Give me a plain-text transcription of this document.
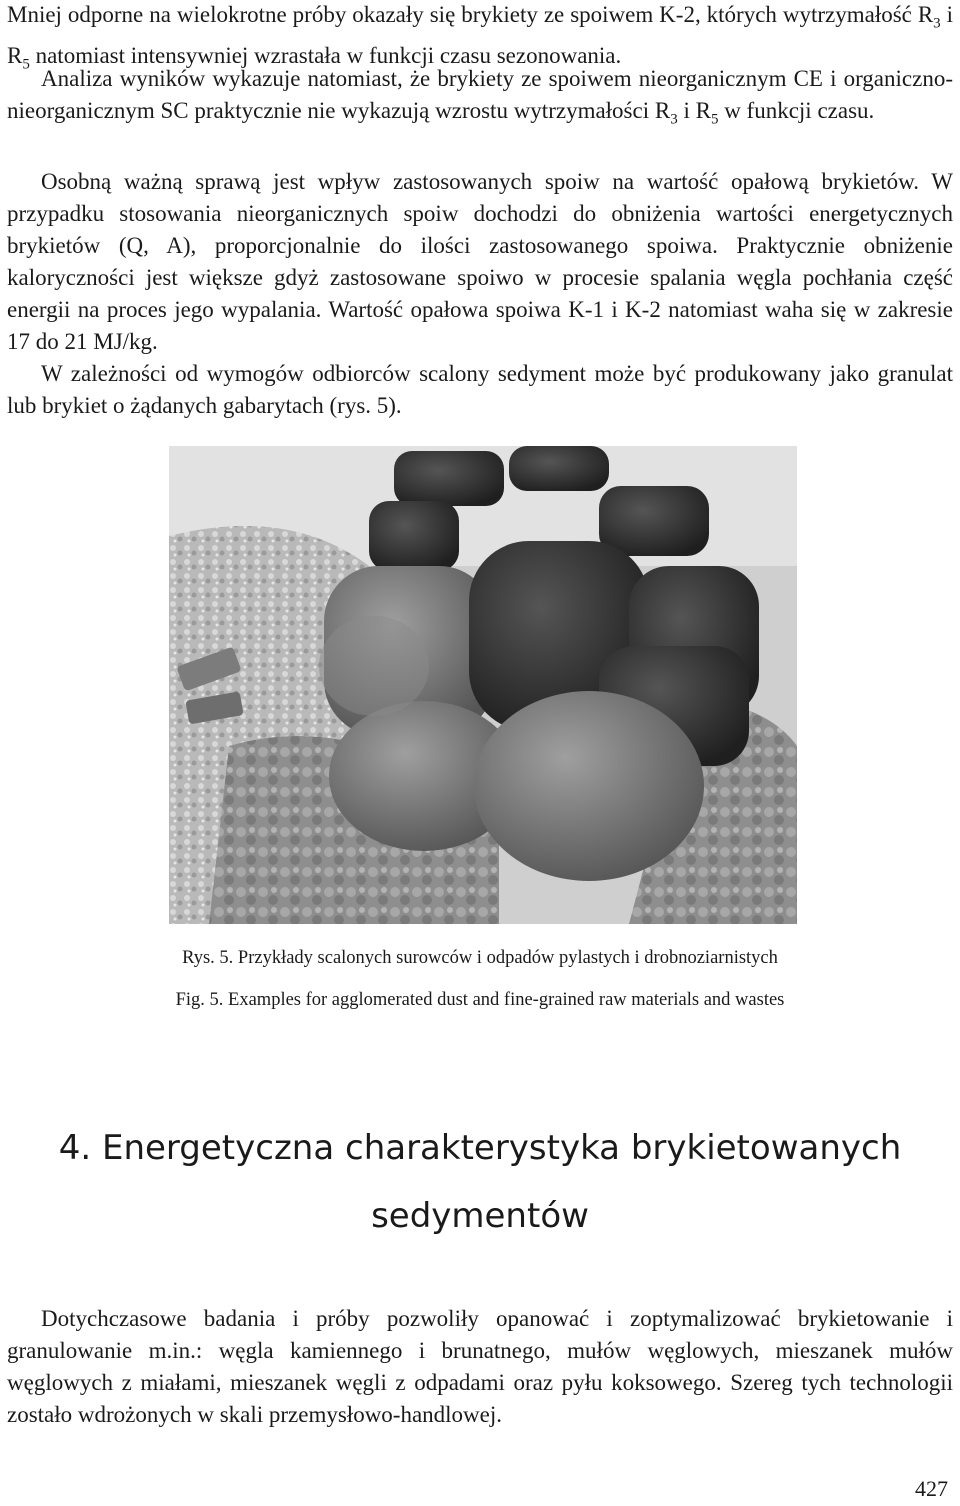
Mniej odporne na wielokrotne próby okazały się brykiety ze spoiwem K-2, których wytrzymałość $R_3$ i $R_5$ natomiast intensywniej wzrastała w funkcji czasu sezonowania.

Analiza wyników wykazuje natomiast, że brykiety ze spoiwem nieorganicznym CE i organiczno-nieorganicznym SC praktycznie nie wykazują wzrostu wytrzymałości $R_3$ i $R_5$ w funkcji czasu.

Osobną ważną sprawą jest wpływ zastosowanych spoiw na wartość opałową brykietów. W przypadku stosowania nieorganicznych spoiw dochodzi do obniżenia wartości energetycznych brykietów (Q, A), proporcjonalnie do ilości zastosowanego spoiwa. Praktycznie obniżenie kaloryczności jest większe gdyż zastosowane spoiwo w procesie spalania węgla pochłania część energii na proces jego wypalania. Wartość opałowa spoiwa K-1 i K-2 natomiast waha się w zakresie 17 do 21 MJ/kg.

W zależności od wymogów odbiorców scalony sedyment może być produkowany jako granulat lub brykiet o żądanych gabarytach (rys. 5).

Rys. 5. Przykłady scalonych surowców i odpadów pylastych i drobnoziarnistych

Fig. 5. Examples for agglomerated dust and fine-grained raw materials and wastes

4. Energetyczna charakterystyka brykietowanych
sedymentów

Dotychczasowe badania i próby pozwoliły opanować i zoptymalizować brykietowanie i granulowanie m.in.: węgla kamiennego i brunatnego, mułów węglowych, mieszanek mułów węglowych z miałami, mieszanek węgli z odpadami oraz pyłu koksowego. Szereg tych technologii zostało wdrożonych w skali przemysłowo-handlowej.

427
